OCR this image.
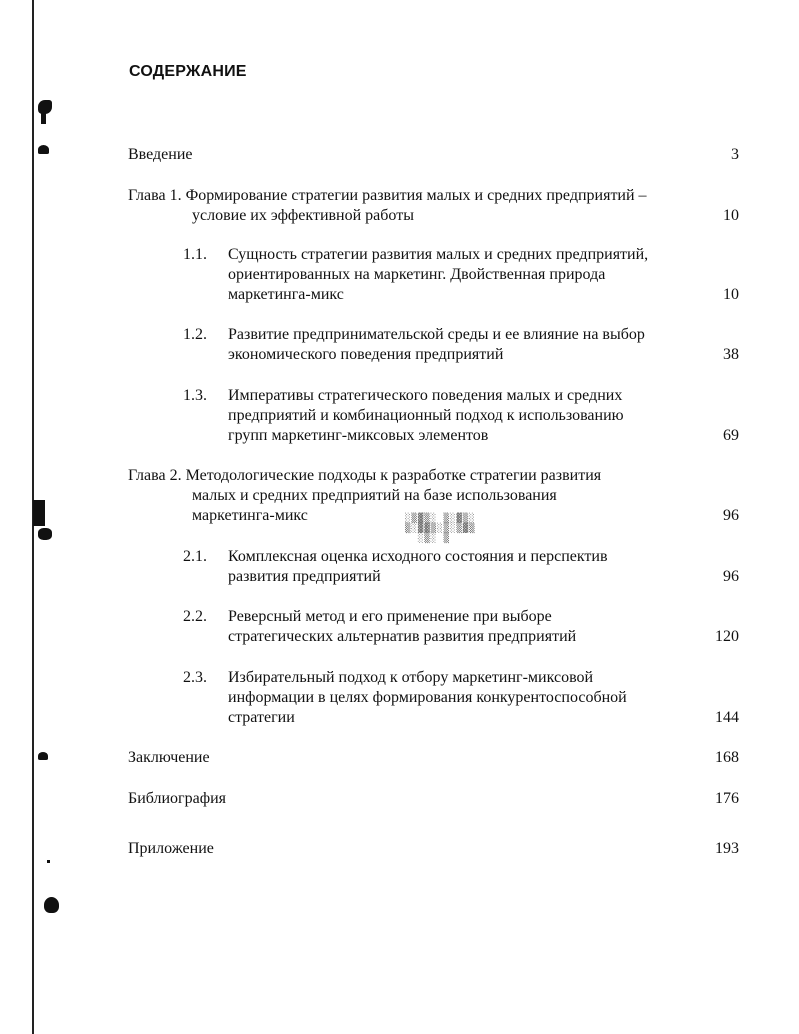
░▒▓▒░ ▒░▓▒░
▒░▓▓▒░▒░▒▓▒
░▒░ ▒
СОДЕРЖАНИЕ
Введение	3
Глава 1. Формирование стратегии развития малых и средних предприятий –
условие их эффективной работы	10
1.1. Сущность стратегии развития малых и средних предприятий,
ориентированных на маркетинг. Двойственная природа
маркетинга-микс	10
1.2. Развитие предпринимательской среды и ее влияние на выбор
экономического поведения предприятий	38
1.3. Императивы стратегического поведения малых и средних
предприятий и комбинационный подход к использованию
групп маркетинг-миксовых элементов	69
Глава 2. Методологические подходы к разработке стратегии развития
малых и средних предприятий на базе использования
маркетинга-микс	96
2.1. Комплексная оценка исходного состояния и перспектив
развития предприятий	96
2.2. Реверсный метод и его применение при выборе
стратегических альтернатив развития предприятий	120
2.3. Избирательный подход к отбору маркетинг-миксовой
информации в целях формирования конкурентоспособной
стратегии	144
Заключение	168
Библиография	176
Приложение	193
